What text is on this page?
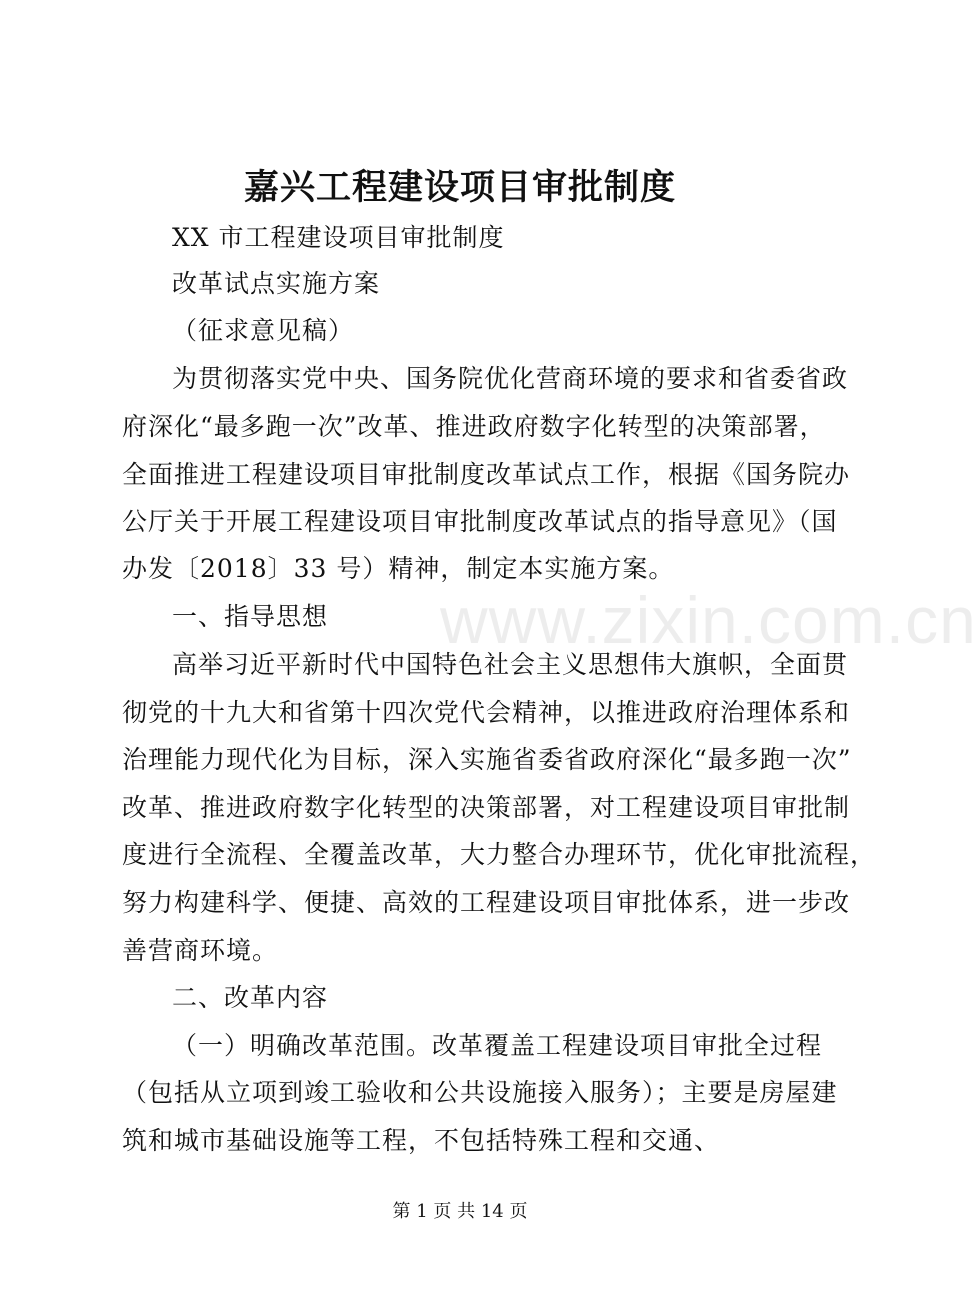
www.zixin.com.cn
嘉兴工程建设项目审批制度
XX 市工程建设项目审批制度
改革试点实施方案
（征求意见稿）
为贯彻落实党中央、国务院优化营商环境的要求和省委省政
府深化“最多跑一次”改革、推进政府数字化转型的决策部署，
全面推进工程建设项目审批制度改革试点工作，根据《国务院办
公厅关于开展工程建设项目审批制度改革试点的指导意见》（国
办发〔2018〕33 号）精神，制定本实施方案。
一、指导思想
高举习近平新时代中国特色社会主义思想伟大旗帜，全面贯
彻党的十九大和省第十四次党代会精神，以推进政府治理体系和
治理能力现代化为目标，深入实施省委省政府深化“最多跑一次”
改革、推进政府数字化转型的决策部署，对工程建设项目审批制
度进行全流程、全覆盖改革，大力整合办理环节，优化审批流程，
努力构建科学、便捷、高效的工程建设项目审批体系，进一步改
善营商环境。
二、改革内容
（一）明确改革范围。改革覆盖工程建设项目审批全过程
（包括从立项到竣工验收和公共设施接入服务）；主要是房屋建
筑和城市基础设施等工程，不包括特殊工程和交通、
第 1 页 共 14 页
